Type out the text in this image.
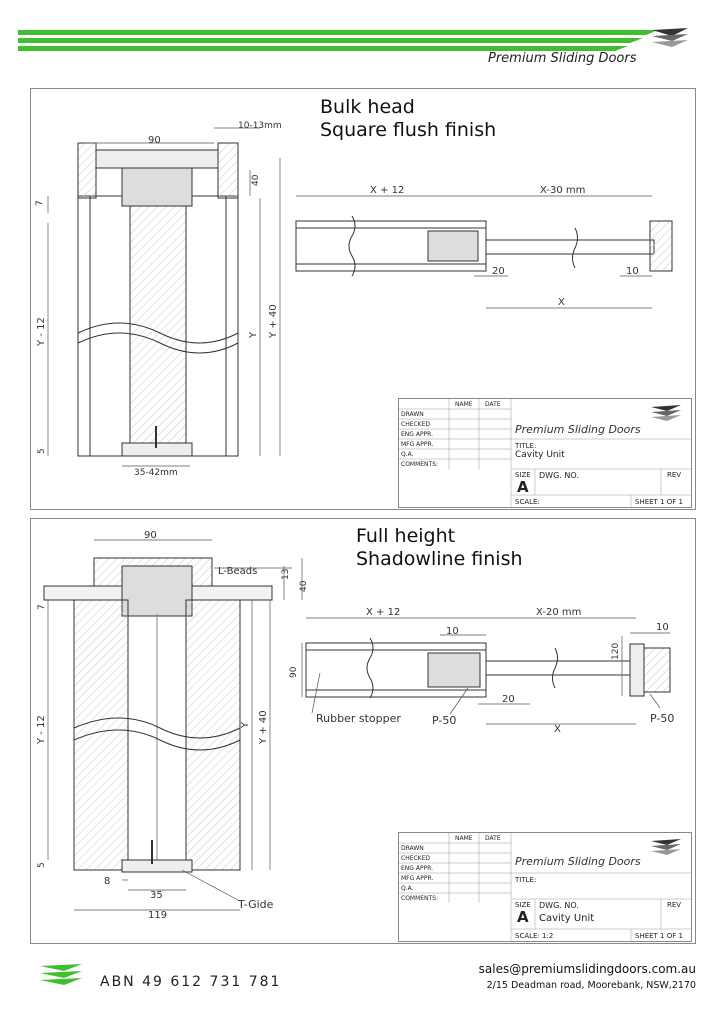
Premium Sliding Doors
Bulk head
Square flush finish
90
10-13mm
40
7
Y - 12	Y Y + 40
5
35-42mm
X + 12	X-30 mm
20	10
X
NAME DATE
DRAWN
CHECKED
ENG APPR.
MFG APPR.
Q.A.
COMMENTS:
Premium Sliding Doors
TITLE:
Cavity Unit
SIZE
A
DWG. NO.	REV
SCALE:	SHEET 1 OF 1
Full height
Shadowline finish
90
L-Beads	13
40
7
Y - 12	Y Y + 40
5
8
35
119
T-Gide
X + 12	X-20 mm
10	10
90
120
20
X
Rubber stopper	P-50	P-50
NAME DATE
DRAWN
CHECKED
ENG APPR.
MFG APPR.
Q.A.
COMMENTS:
Premium Sliding Doors
TITLE:
SIZE
A
DWG. NO.
Cavity Unit
REV
SCALE: 1:2	SHEET 1 OF 1
ABN 49 612 731 781
sales@premiumslidingdoors.com.au
2/15 Deadman road, Moorebank, NSW,2170
